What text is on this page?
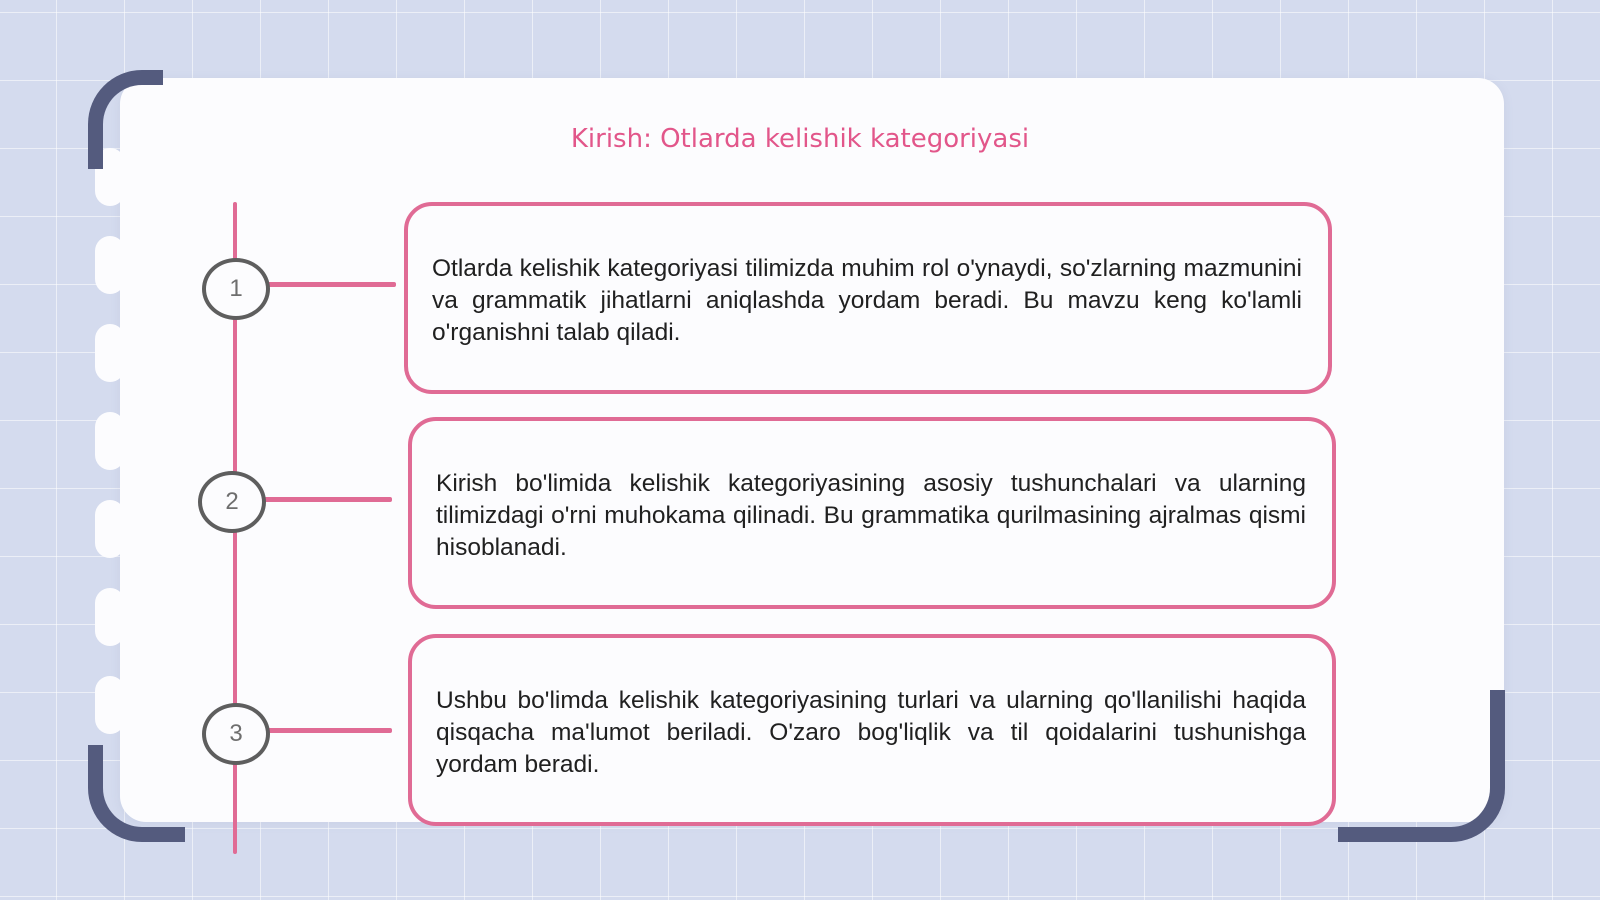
Kirish: Otlarda kelishik kategoriyasi
1
2
3

Otlarda kelishik kategoriyasi tilimizda muhim rol o'ynaydi, so'zlarning mazmunini va grammatik jihatlarni aniqlashda yordam beradi. Bu mavzu keng ko'lamli o'rganishni talab qiladi.

Kirish bo'limida kelishik kategoriyasining asosiy tushunchalari va ularning tilimizdagi o'rni muhokama qilinadi. Bu grammatika qurilmasining ajralmas qismi hisoblanadi.

Ushbu bo'limda kelishik kategoriyasining turlari va ularning qo'llanilishi haqida qisqacha ma'lumot beriladi. O'zaro bog'liqlik va til qoidalarini tushunishga yordam beradi.
